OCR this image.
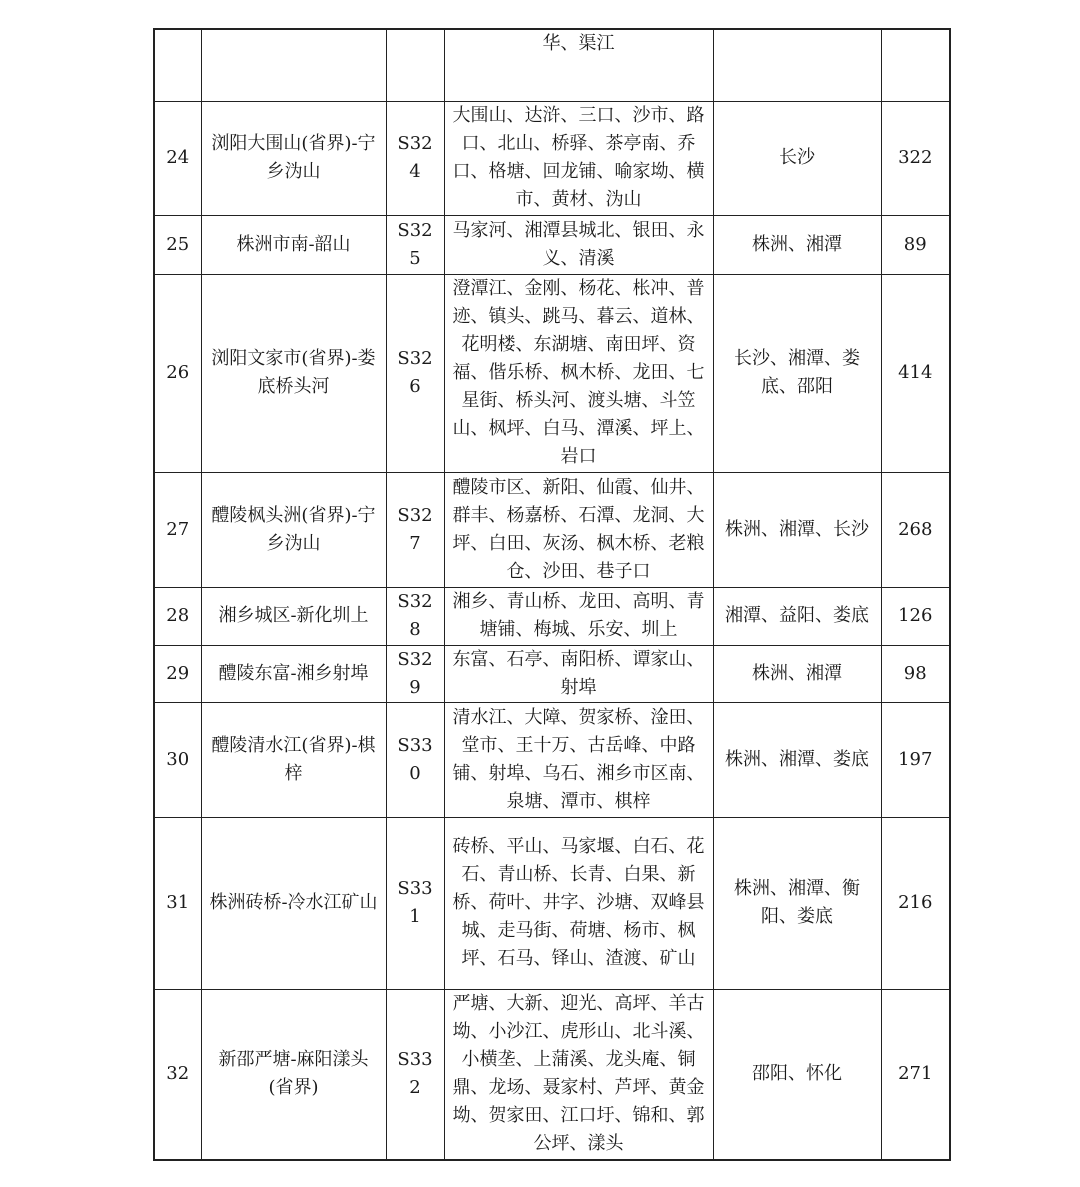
			华、渠江		
24	浏阳大围山(省界)-宁乡沩山	S324	大围山、达浒、三口、沙市、路口、北山、桥驿、茶亭南、乔口、格塘、回龙铺、喻家坳、横市、黄材、沩山	长沙	322
25	株洲市南-韶山	S325	马家河、湘潭县城北、银田、永义、清溪	株洲、湘潭	89
26	浏阳文家市(省界)-娄底桥头河	S326	澄潭江、金刚、杨花、枨冲、普迹、镇头、跳马、暮云、道林、花明楼、东湖塘、南田坪、资福、偕乐桥、枫木桥、龙田、七星街、桥头河、渡头塘、斗笠山、枫坪、白马、潭溪、坪上、岩口	长沙、湘潭、娄底、邵阳	414
27	醴陵枫头洲(省界)-宁乡沩山	S327	醴陵市区、新阳、仙霞、仙井、群丰、杨嘉桥、石潭、龙洞、大坪、白田、灰汤、枫木桥、老粮仓、沙田、巷子口	株洲、湘潭、长沙	268
28	湘乡城区-新化圳上	S328	湘乡、青山桥、龙田、高明、青塘铺、梅城、乐安、圳上	湘潭、益阳、娄底	126
29	醴陵东富-湘乡射埠	S329	东富、石亭、南阳桥、谭家山、射埠	株洲、湘潭	98
30	醴陵清水江(省界)-棋梓	S330	清水江、大障、贺家桥、淦田、堂市、王十万、古岳峰、中路铺、射埠、乌石、湘乡市区南、泉塘、潭市、棋梓	株洲、湘潭、娄底	197
31	株洲砖桥-冷水江矿山	S331	砖桥、平山、马家堰、白石、花石、青山桥、长青、白果、新桥、荷叶、井字、沙塘、双峰县城、走马街、荷塘、杨市、枫坪、石马、铎山、渣渡、矿山	株洲、湘潭、衡阳、娄底	216
32	新邵严塘-麻阳漾头(省界)	S332	严塘、大新、迎光、高坪、羊古坳、小沙江、虎形山、北斗溪、小横垄、上蒲溪、龙头庵、铜鼎、龙场、聂家村、芦坪、黄金坳、贺家田、江口圩、锦和、郭公坪、漾头	邵阳、怀化	271
